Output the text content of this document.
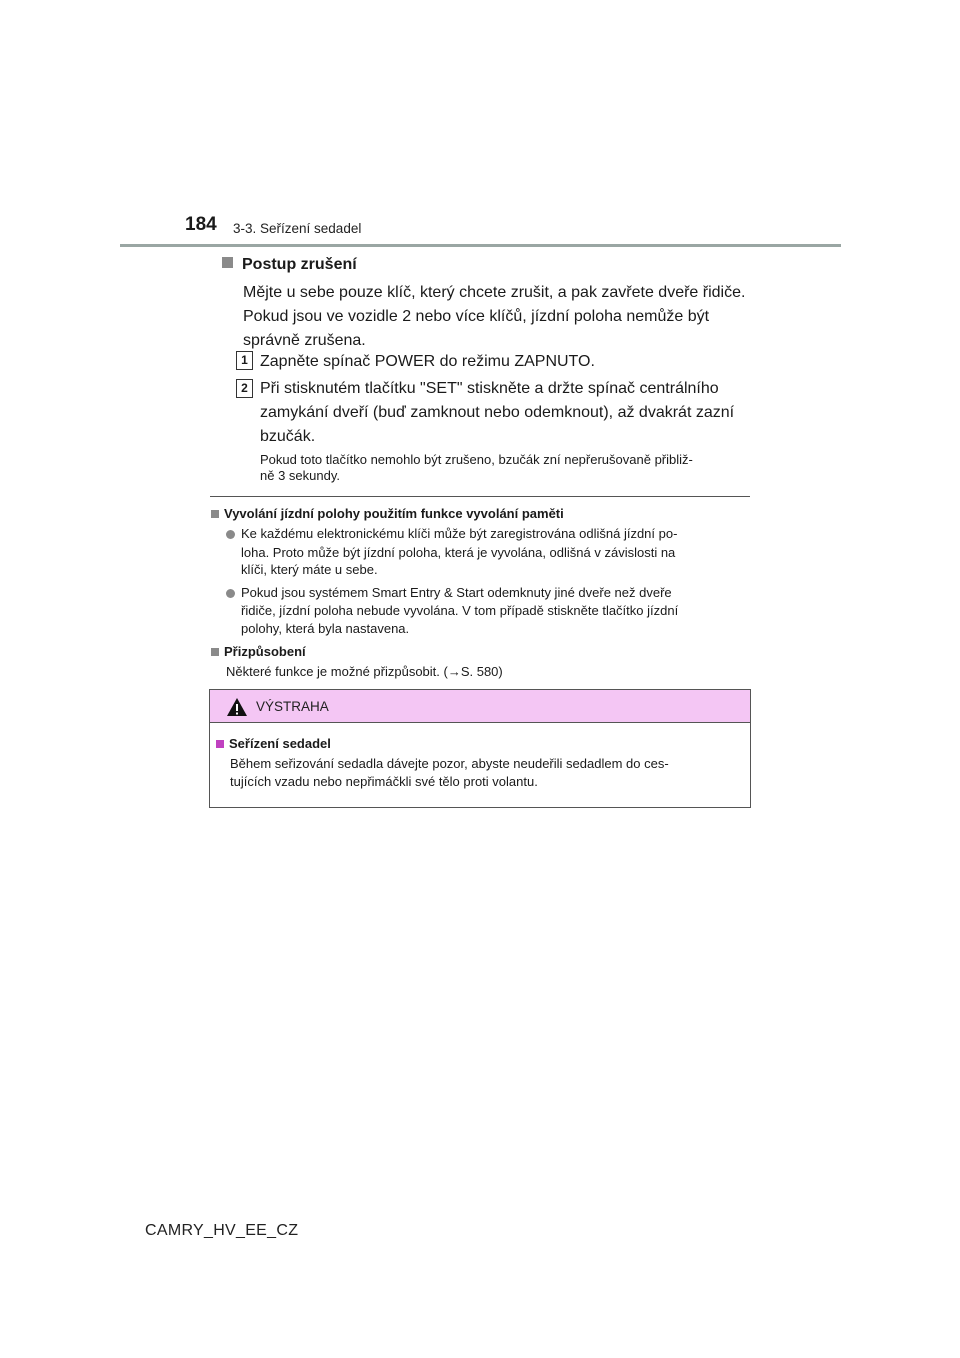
184 3-3. Seřízení sedadel
Postup zrušení
Mějte u sebe pouze klíč, který chcete zrušit, a pak zavřete dveře řidiče.
Pokud jsou ve vozidle 2 nebo více klíčů, jízdní poloha nemůže být
správně zrušena.
1 Zapněte spínač POWER do režimu ZAPNUTO.
2 Při stisknutém tlačítku "SET" stiskněte a držte spínač centrálního
zamykání dveří (buď zamknout nebo odemknout), až dvakrát zazní
bzučák.
Pokud toto tlačítko nemohlo být zrušeno, bzučák zní nepřerušovaně přibliž-
ně 3 sekundy.
Vyvolání jízdní polohy použitím funkce vyvolání paměti
Ke každému elektronickému klíči může být zaregistrována odlišná jízdní po-
loha. Proto může být jízdní poloha, která je vyvolána, odlišná v závislosti na
klíči, který máte u sebe.
Pokud jsou systémem Smart Entry & Start odemknuty jiné dveře než dveře
řidiče, jízdní poloha nebude vyvolána. V tom případě stiskněte tlačítko jízdní
polohy, která byla nastavena.
Přizpůsobení
Některé funkce je možné přizpůsobit. (→S. 580)
VÝSTRAHA
Seřízení sedadel
Během seřizování sedadla dávejte pozor, abyste neudeřili sedadlem do ces-
tujících vzadu nebo nepřimáčkli své tělo proti volantu.
CAMRY_HV_EE_CZ
